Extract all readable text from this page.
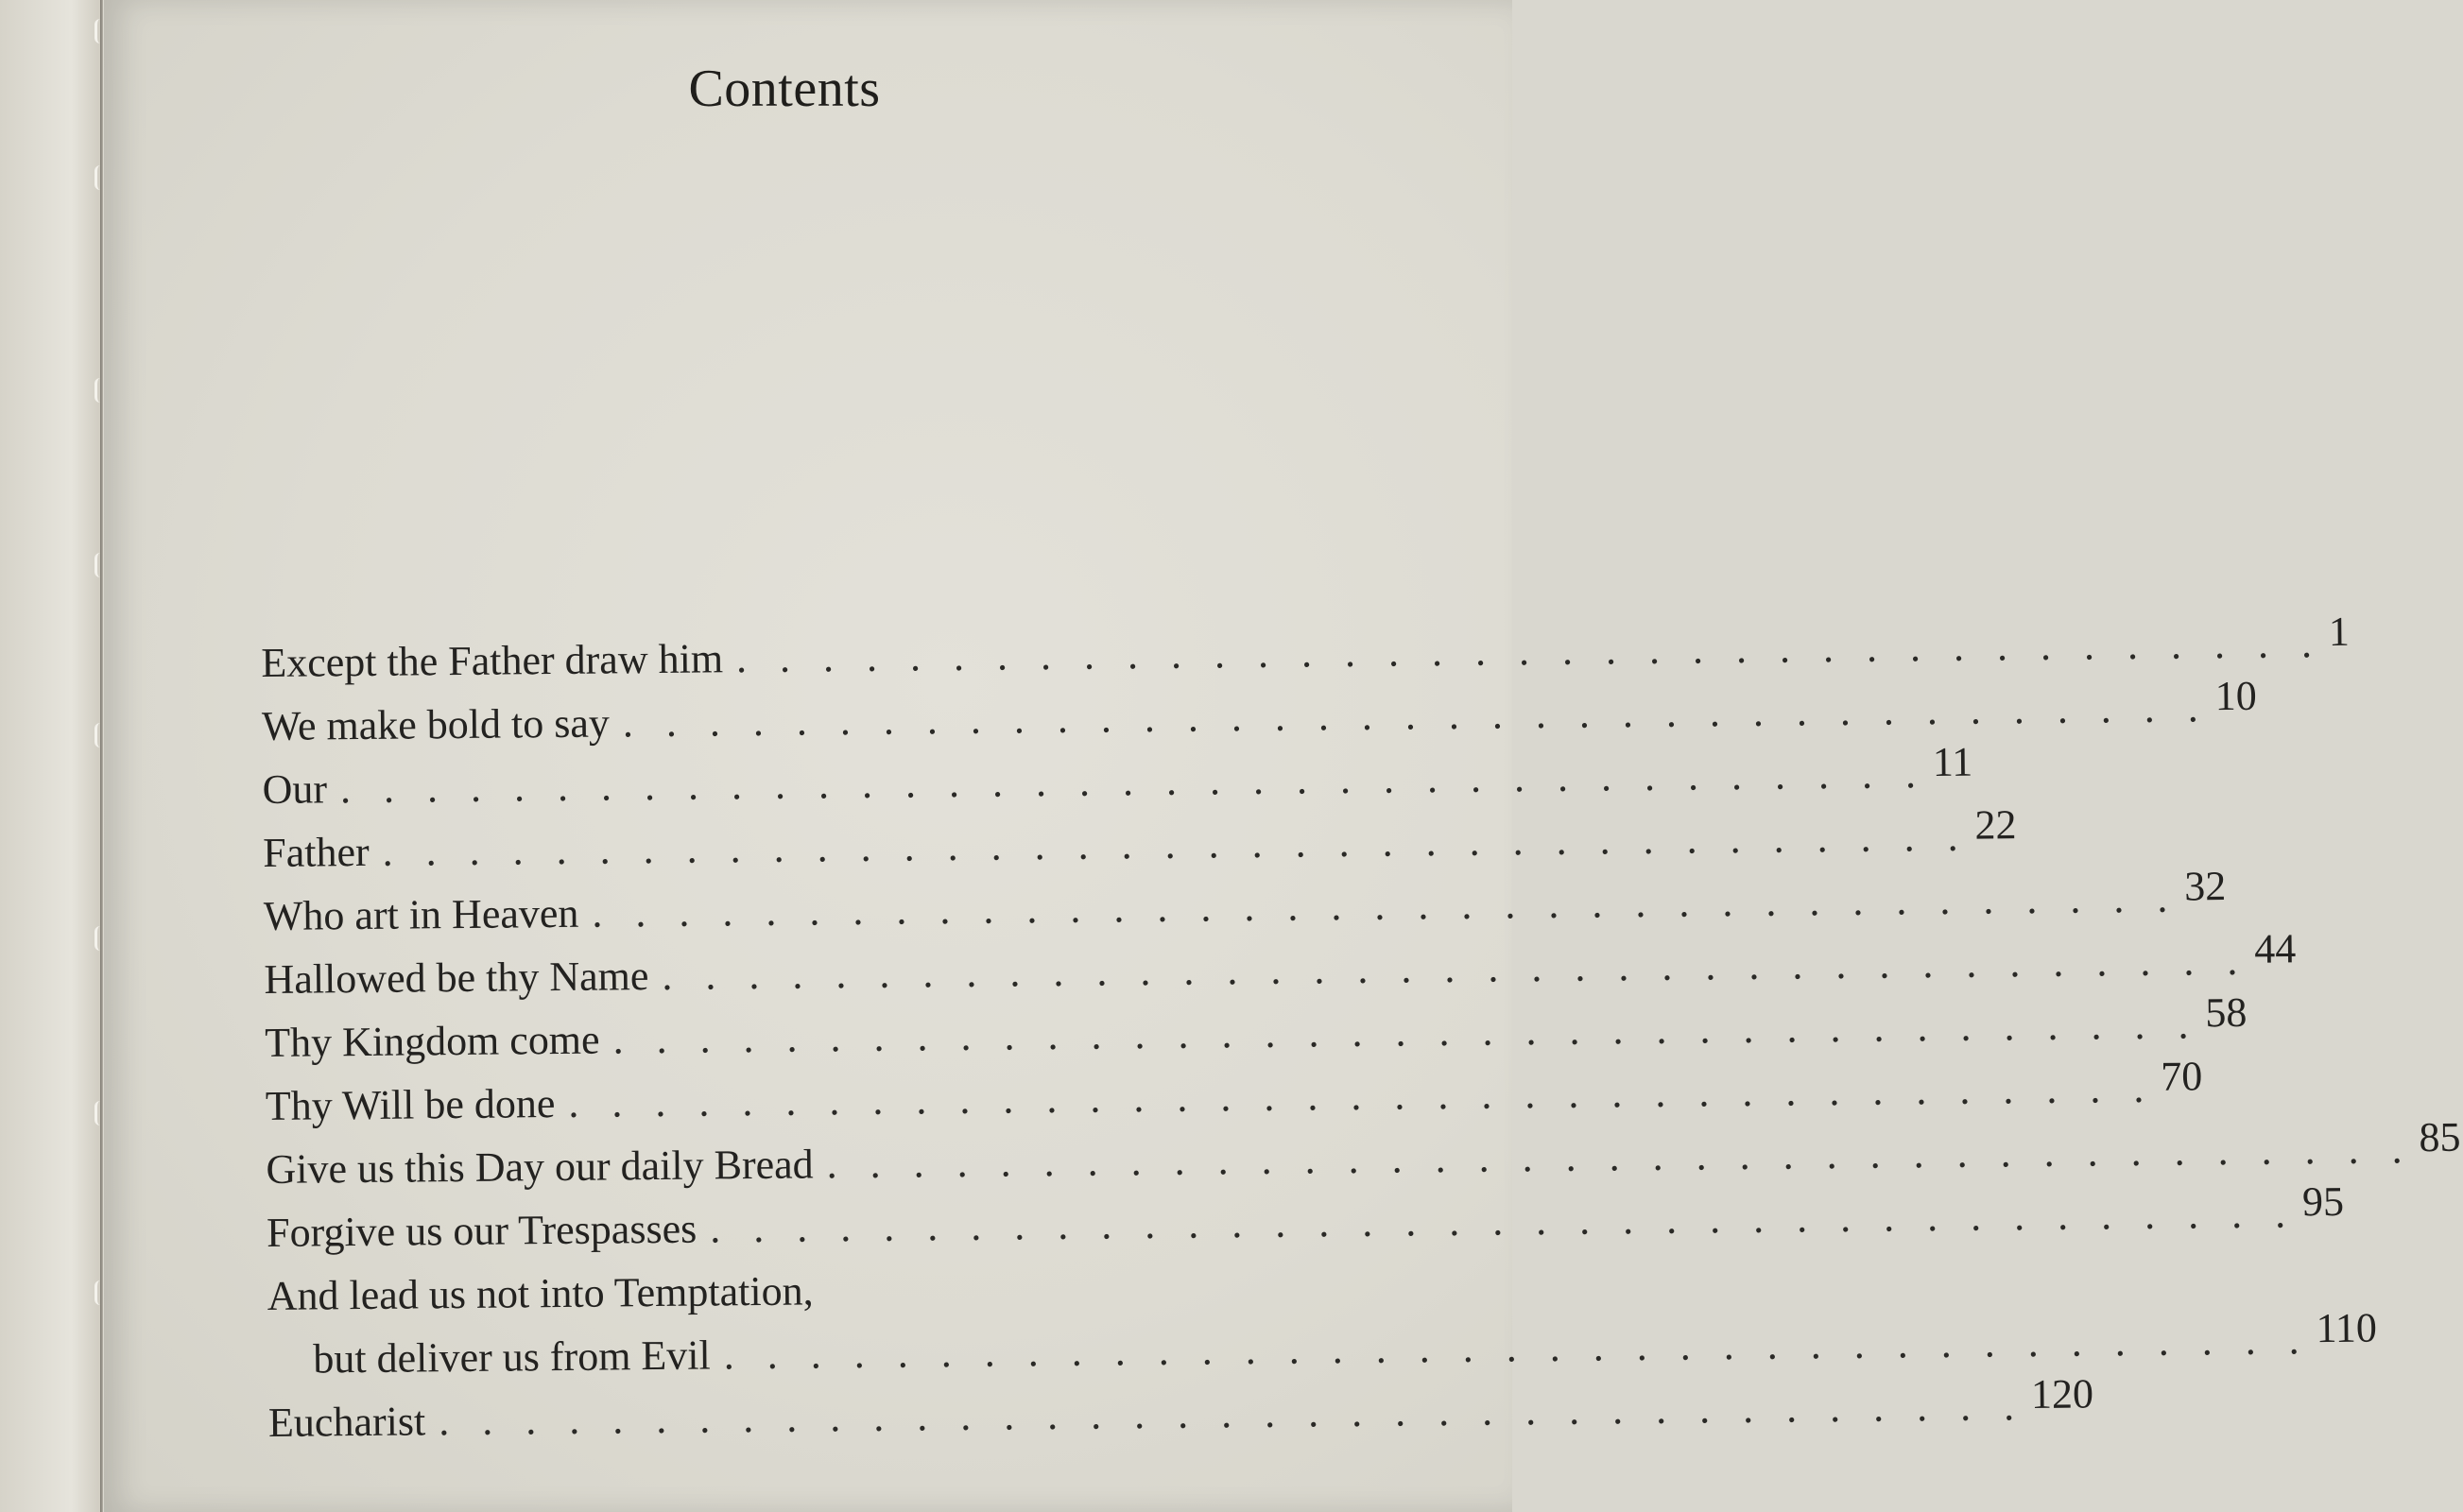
Contents
Except the Father draw him . . . . . . . . . . . . . . . . . . . . . . . . . . . . . . . . . . . . . 1
We make bold to say . . . . . . . . . . . . . . . . . . . . . . . . . . . . . . . . . . . . . 10
Our . . . . . . . . . . . . . . . . . . . . . . . . . . . . . . . . . . . . . 11
Father . . . . . . . . . . . . . . . . . . . . . . . . . . . . . . . . . . . . . 22
Who art in Heaven . . . . . . . . . . . . . . . . . . . . . . . . . . . . . . . . . . . . . 32
Hallowed be thy Name . . . . . . . . . . . . . . . . . . . . . . . . . . . . . . . . . . . . . 44
Thy Kingdom come . . . . . . . . . . . . . . . . . . . . . . . . . . . . . . . . . . . . . 58
Thy Will be done . . . . . . . . . . . . . . . . . . . . . . . . . . . . . . . . . . . . . 70
Give us this Day our daily Bread . . . . . . . . . . . . . . . . . . . . . . . . . . . . . . . . . . . . . 85
Forgive us our Trespasses . . . . . . . . . . . . . . . . . . . . . . . . . . . . . . . . . . . . . 95
And lead us not into Temptation,
but deliver us from Evil . . . . . . . . . . . . . . . . . . . . . . . . . . . . . . . . . . . . . 110
Eucharist . . . . . . . . . . . . . . . . . . . . . . . . . . . . . . . . . . . . . 120
